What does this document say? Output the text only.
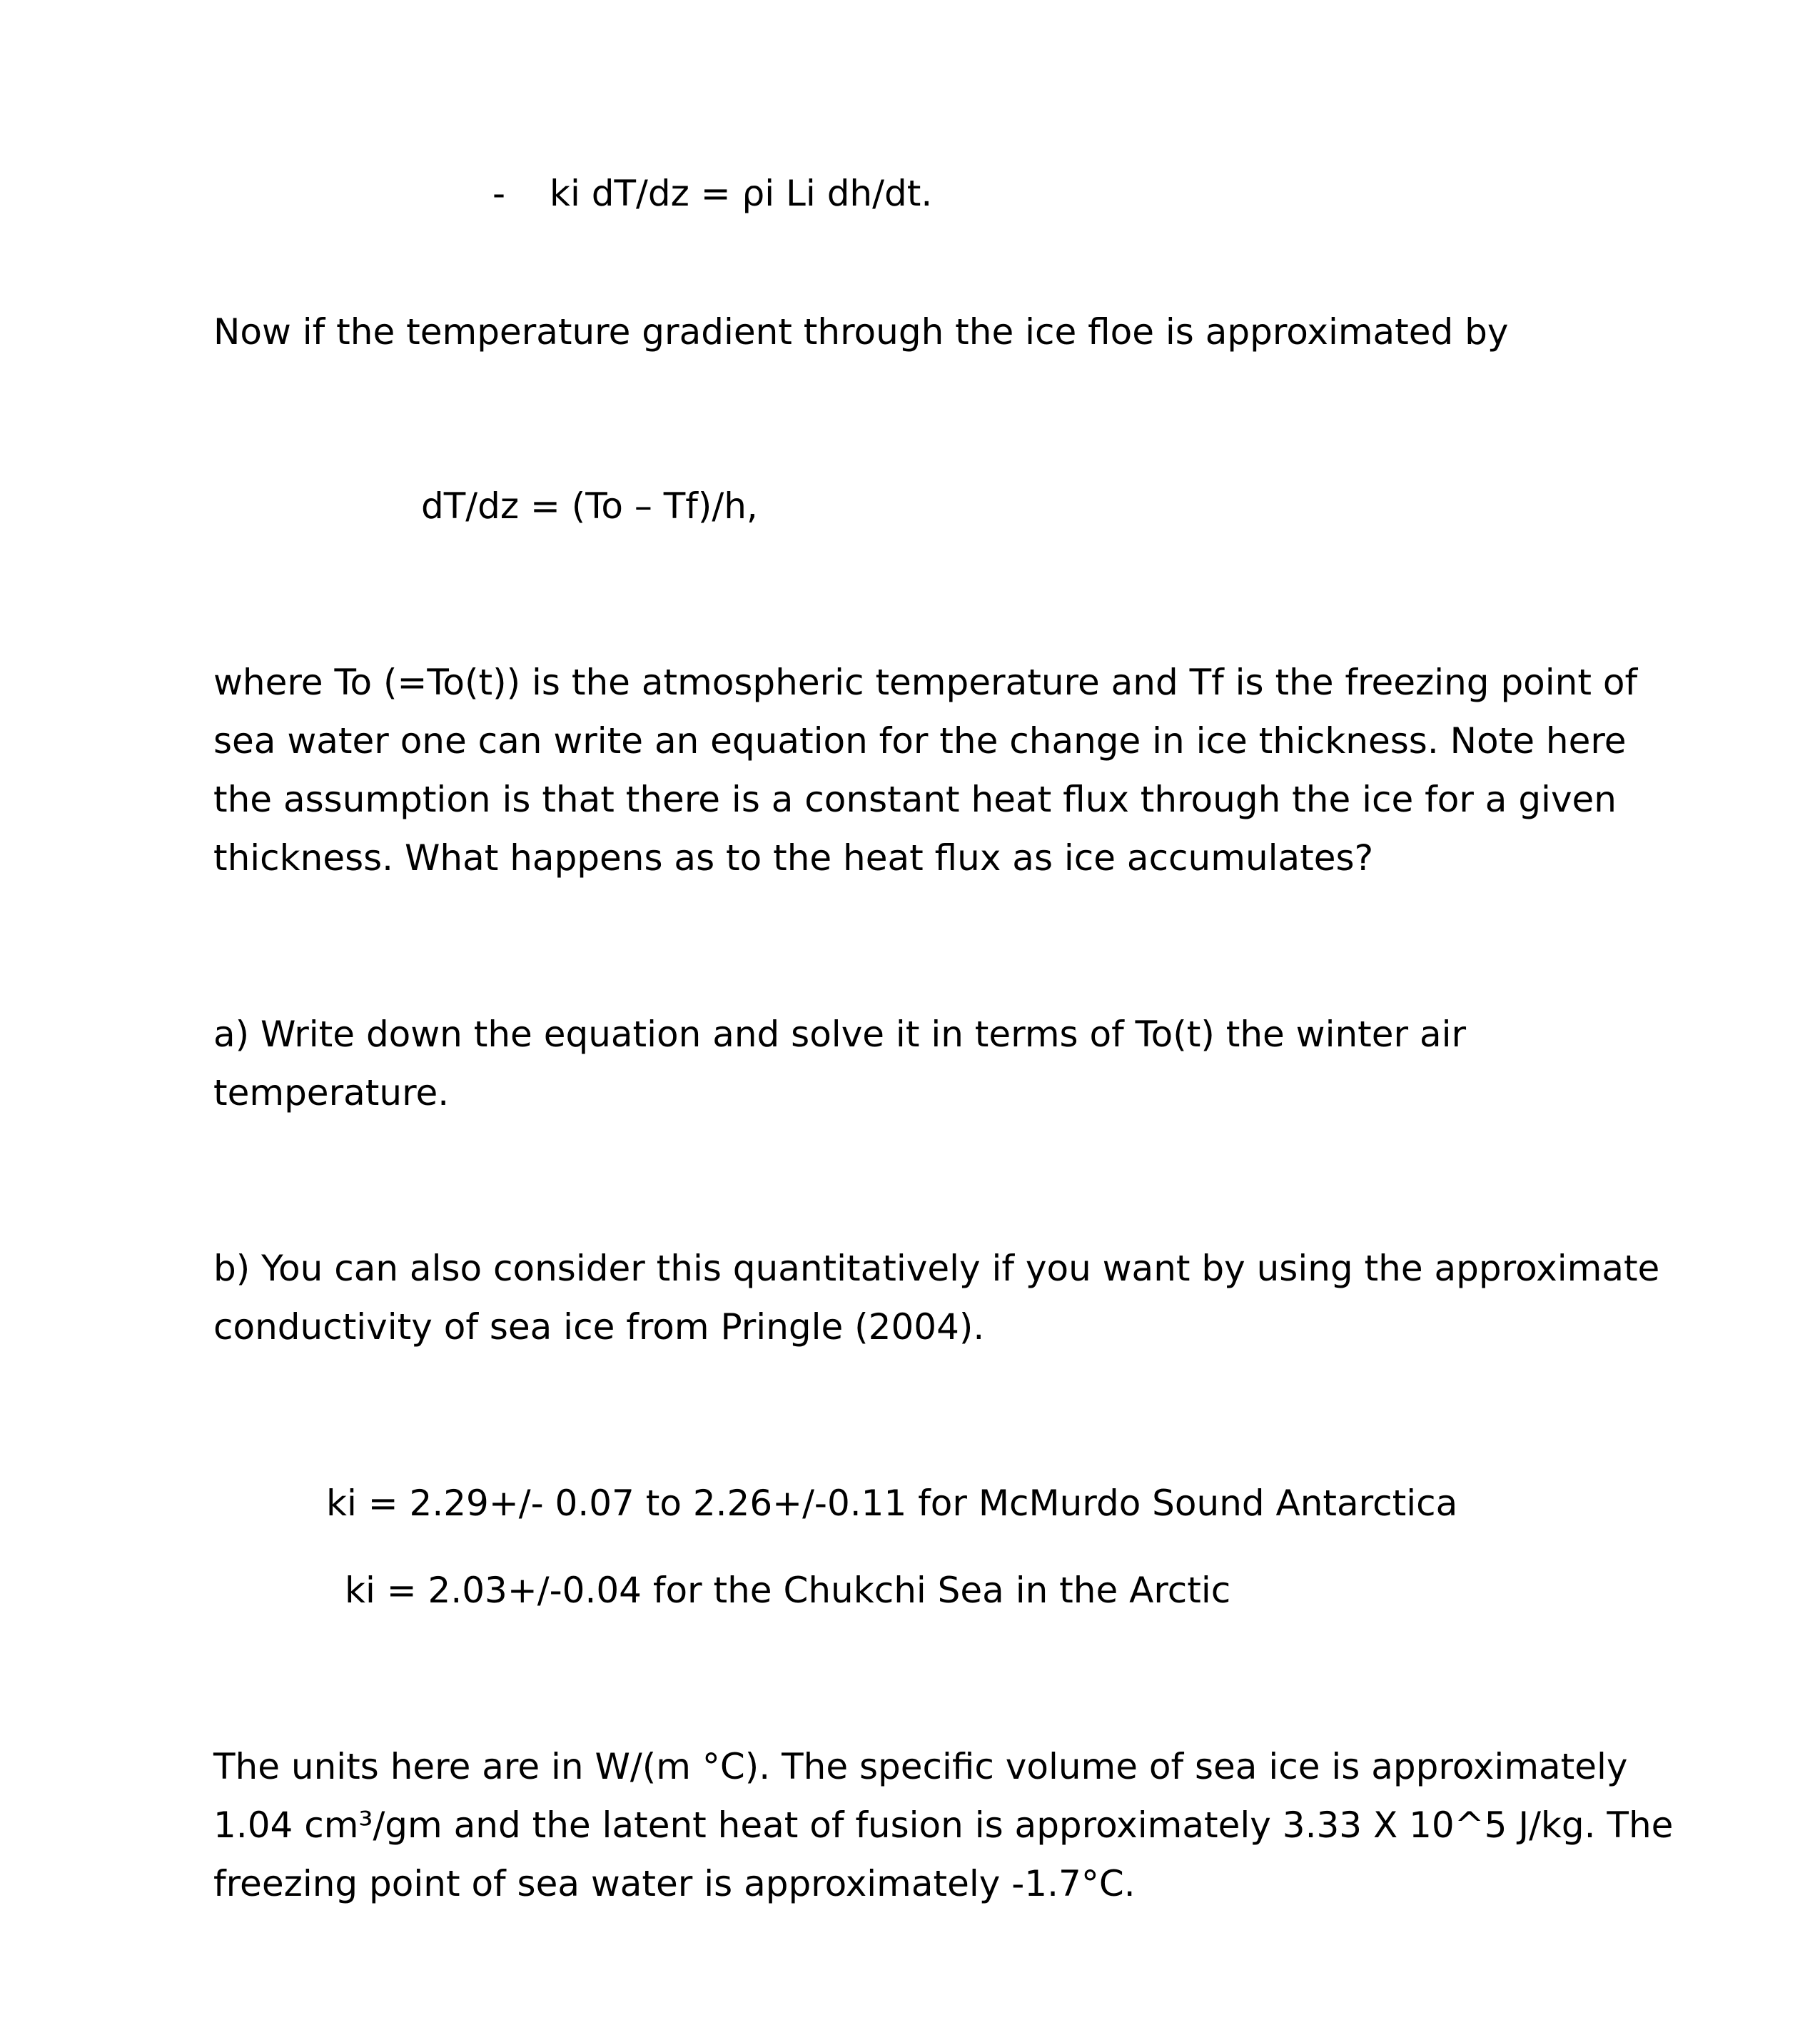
- ki dT/dz = ρi Li dh/dt.
Now if the temperature gradient through the ice floe is approximated by
dT/dz = (To – Tf)/h,

where To (=To(t)) is the atmospheric temperature and Tf is the freezing point of

sea water one can write an equation for the change in ice thickness. Note here

the assumption is that there is a constant heat flux through the ice for a given

thickness. What happens as to the heat flux as ice accumulates?

a) Write down the equation and solve it in terms of To(t) the winter air

temperature.

b) You can also consider this quantitatively if you want by using the approximate

conductivity of sea ice from Pringle (2004).

ki = 2.29+/- 0.07 to 2.26+/-0.11 for McMurdo Sound Antarctica
ki = 2.03+/-0.04 for the Chukchi Sea in the Arctic

The units here are in W/(m °C). The specific volume of sea ice is approximately

1.04 cm³/gm and the latent heat of fusion is approximately 3.33 X 10^5 J/kg. The

freezing point of sea water is approximately -1.7°C.
